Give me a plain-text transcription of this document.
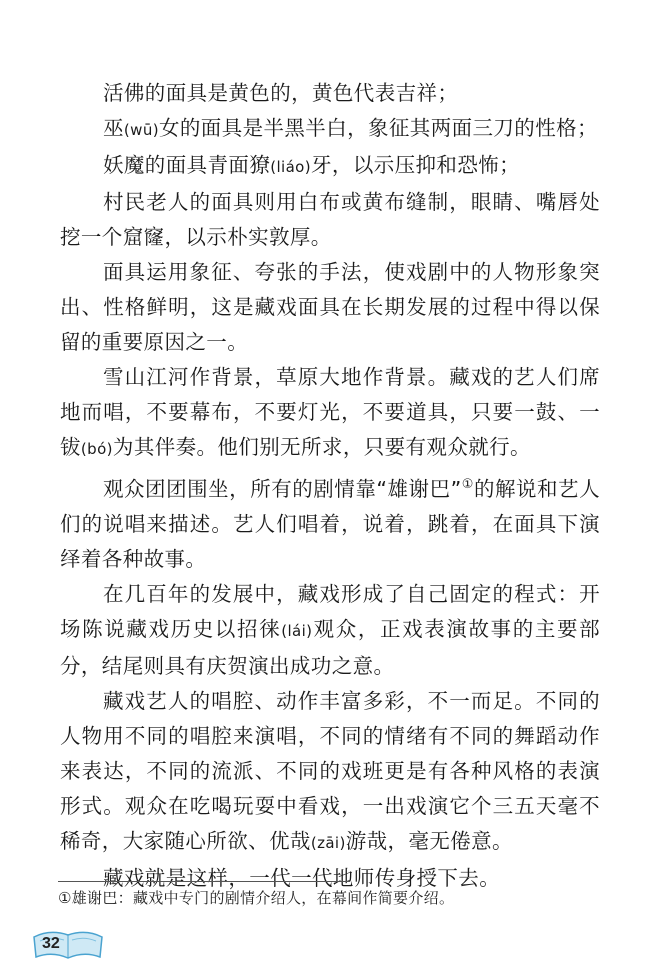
活佛的面具是黄色的，黄色代表吉祥；

巫(wū)女的面具是半黑半白，象征其两面三刀的性格；

妖魔的面具青面獠(liáo)牙，以示压抑和恐怖；

村民老人的面具则用白布或黄布缝制，眼睛、嘴唇处挖一个窟窿，以示朴实敦厚。

面具运用象征、夸张的手法，使戏剧中的人物形象突出、性格鲜明，这是藏戏面具在长期发展的过程中得以保留的重要原因之一。

雪山江河作背景，草原大地作背景。藏戏的艺人们席地而唱，不要幕布，不要灯光，不要道具，只要一鼓、一钹(bó)为其伴奏。他们别无所求，只要有观众就行。

观众团团围坐，所有的剧情靠“雄谢巴”①的解说和艺人们的说唱来描述。艺人们唱着，说着，跳着，在面具下演绎着各种故事。

在几百年的发展中，藏戏形成了自己固定的程式：开场陈说藏戏历史以招徕(lái)观众，正戏表演故事的主要部分，结尾则具有庆贺演出成功之意。

藏戏艺人的唱腔、动作丰富多彩，不一而足。不同的人物用不同的唱腔来演唱，不同的情绪有不同的舞蹈动作来表达，不同的流派、不同的戏班更是有各种风格的表演形式。观众在吃喝玩耍中看戏，一出戏演它个三五天毫不稀奇，大家随心所欲、优哉(zāi)游哉，毫无倦意。

藏戏就是这样，一代一代地师传身授下去。

①雄谢巴：藏戏中专门的剧情介绍人，在幕间作简要介绍。
32
